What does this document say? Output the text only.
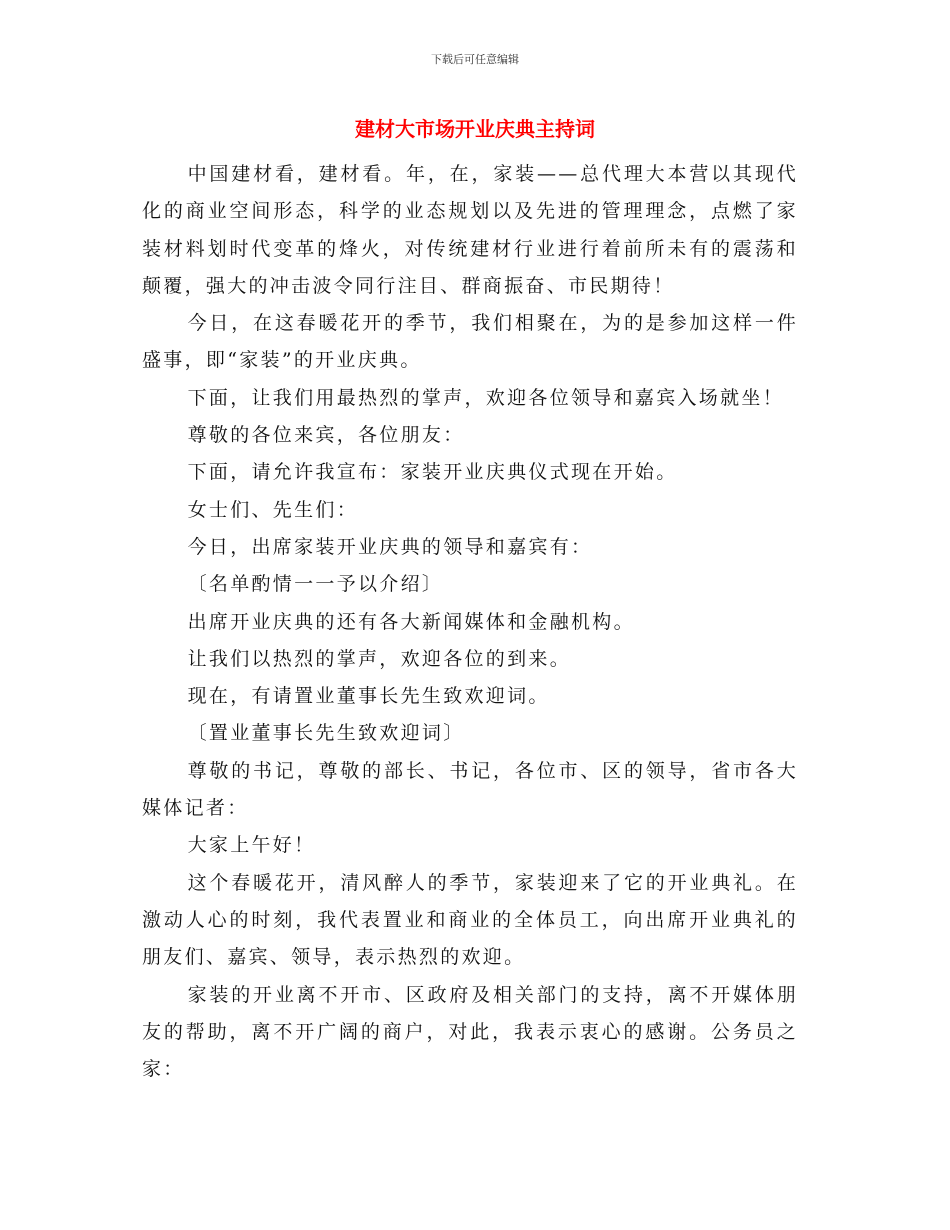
下载后可任意编辑
建材大市场开业庆典主持词

中国建材看，建材看。年，在，家装——总代理大本营以其现代化的商业空间形态，科学的业态规划以及先进的管理理念，点燃了家装材料划时代变革的烽火，对传统建材行业进行着前所未有的震荡和颠覆，强大的冲击波令同行注目、群商振奋、市民期待！

今日，在这春暖花开的季节，我们相聚在，为的是参加这样一件盛事，即“家装”的开业庆典。

下面，让我们用最热烈的掌声，欢迎各位领导和嘉宾入场就坐！

尊敬的各位来宾，各位朋友：

下面，请允许我宣布：家装开业庆典仪式现在开始。

女士们、先生们：

今日，出席家装开业庆典的领导和嘉宾有：

〔名单酌情一一予以介绍〕

出席开业庆典的还有各大新闻媒体和金融机构。

让我们以热烈的掌声，欢迎各位的到来。

现在，有请置业董事长先生致欢迎词。

〔置业董事长先生致欢迎词〕

尊敬的书记，尊敬的部长、书记，各位市、区的领导，省市各大媒体记者：

大家上午好！

这个春暖花开，清风醉人的季节，家装迎来了它的开业典礼。在激动人心的时刻，我代表置业和商业的全体员工，向出席开业典礼的朋友们、嘉宾、领导，表示热烈的欢迎。

家装的开业离不开市、区政府及相关部门的支持，离不开媒体朋友的帮助，离不开广阔的商户，对此，我表示衷心的感谢。公务员之家：
